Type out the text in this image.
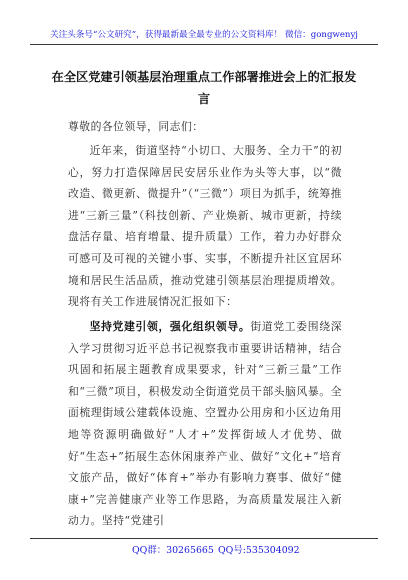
关注头条号“公文研究”，获得最新最全最专业的公文资料库！ 微信：gongwenyj
在全区党建引领基层治理重点工作部署推进会上的汇报发言
尊敬的各位领导，同志们：
近年来，街道坚持“小切口、大服务、全力干”的初心，努力打造保障居民安居乐业作为头等大事，以“微改造、微更新、微提升”（“三微”）项目为抓手，统筹推进“三新三量”（科技创新、产业焕新、城市更新，持续盘活存量、培育增量、提升质量）工作，着力办好群众可感可及可视的关键小事、实事，不断提升社区宜居环境和居民生活品质，推动党建引领基层治理提质增效。现将有关工作进展情况汇报如下：
坚持党建引领，强化组织领导。街道党工委围绕深入学习贯彻习近平总书记视察我市重要讲话精神，结合巩固和拓展主题教育成果要求，针对“三新三量”工作和“三微”项目，积极发动全街道党员干部头脑风暴。全面梳理街域公建载体设施、空置办公用房和小区边角用地等资源明确做好“人才+”发挥街域人才优势、做好“生态+”拓展生态休闲康养产业、做好“文化+”培育文旅产品，做好“体育+”举办有影响力赛事、做好“健康+”完善健康产业等工作思路，为高质量发展注入新动力。坚持“党建引
QQ群：30265665 QQ号:535304092
